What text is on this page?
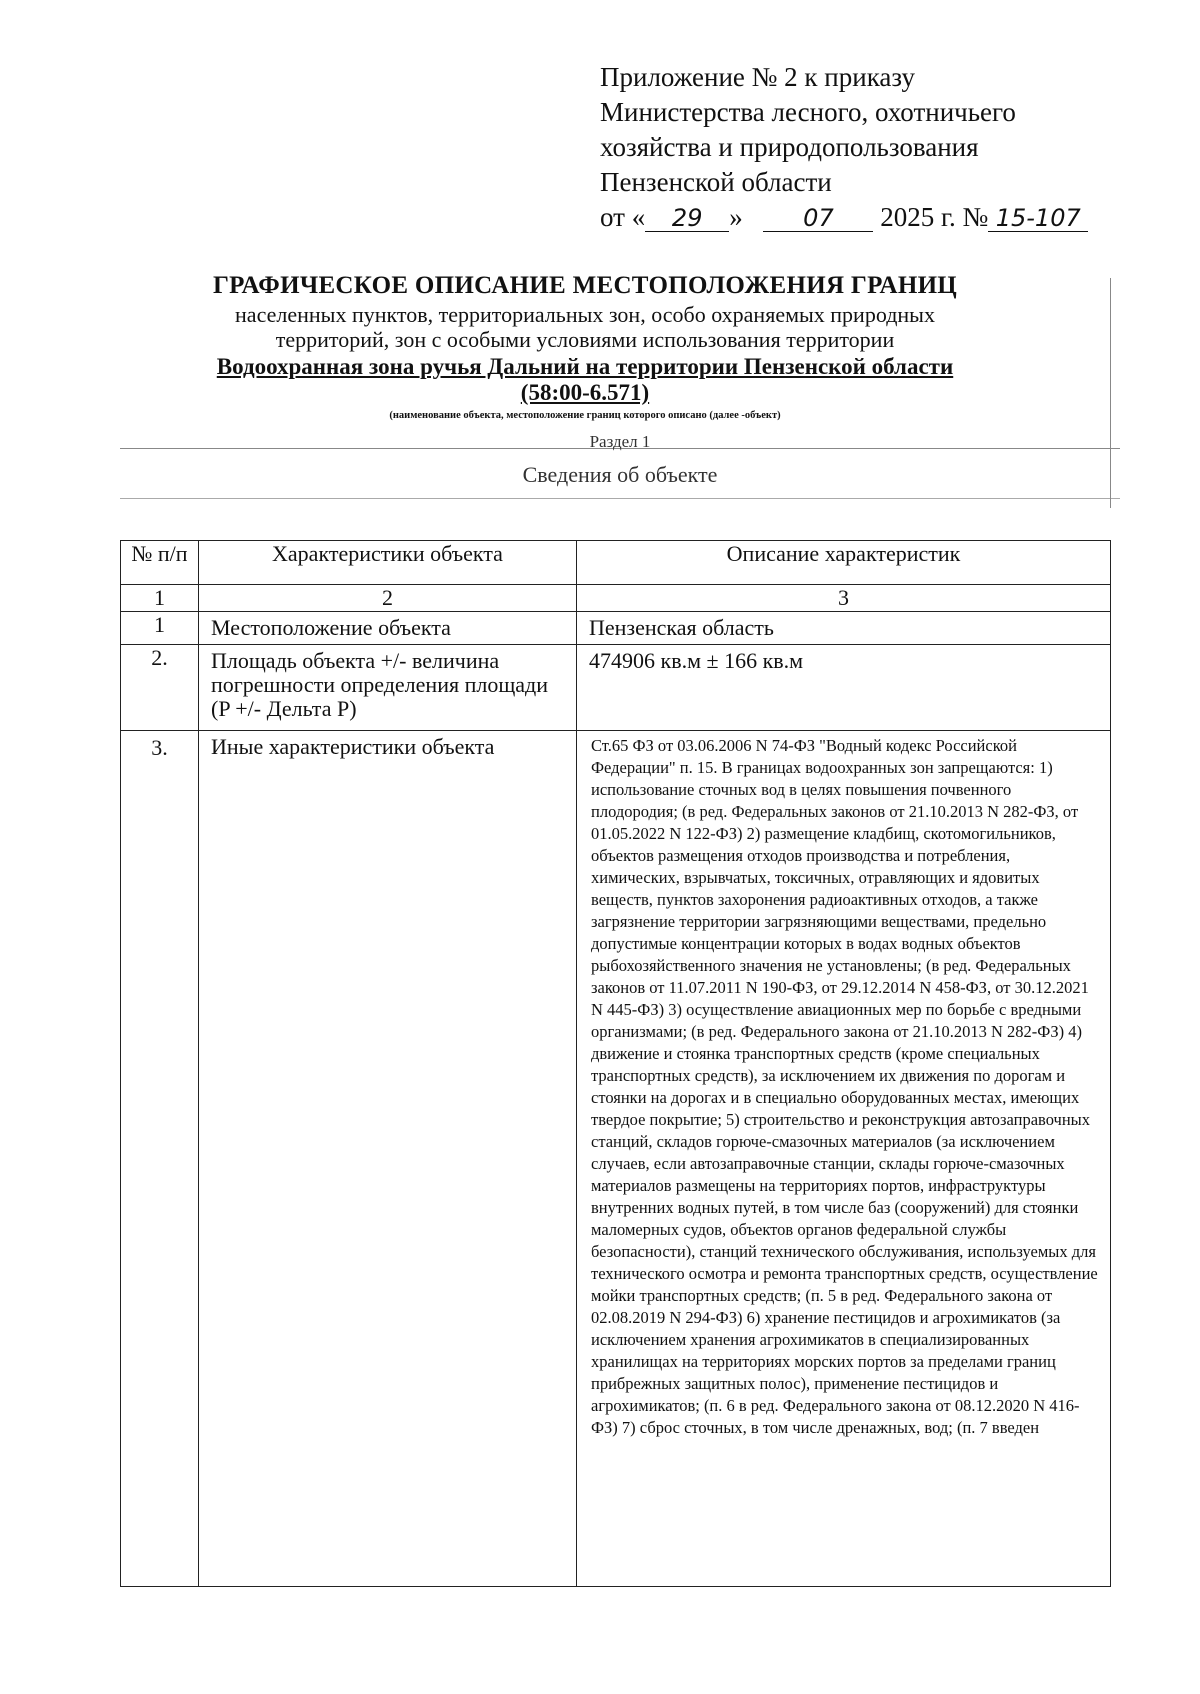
Приложение № 2 к приказу
Министерства лесного, охотничьего
хозяйства и природопользования
Пензенской области
от « 29 »	07 2025 г. № 15-107
ГРАФИЧЕСКОЕ ОПИСАНИЕ МЕСТОПОЛОЖЕНИЯ ГРАНИЦ
населенных пунктов, территориальных зон, особо охраняемых природных
территорий, зон с особыми условиями использования территории
Водоохранная зона ручья Дальний на территории Пензенской области
(58:00-6.571)
(наименование объекта, местоположение границ которого описано (далее -объект)
Раздел 1
Сведения об объекте
№ п/п	Характеристики объекта	Описание характеристик
1	2	3
1	Местоположение объекта	Пензенская область
2.	Площадь объекта +/- величина погрешности определения площади (P +/- Дельта P)	474906 кв.м ± 166 кв.м
3.	Иные характеристики объекта	Ст.65 ФЗ от 03.06.2006 N 74-ФЗ "Водный кодекс Российской Федерации" п. 15. В границах водоохранных зон запрещаются: 1) использование сточных вод в целях повышения почвенного плодородия; (в ред. Федеральных законов от 21.10.2013 N 282-ФЗ, от 01.05.2022 N 122-ФЗ) 2) размещение кладбищ, скотомогильников, объектов размещения отходов производства и потребления, химических, взрывчатых, токсичных, отравляющих и ядовитых веществ, пунктов захоронения радиоактивных отходов, а также загрязнение территории загрязняющими веществами, предельно допустимые концентрации которых в водах водных объектов рыбохозяйственного значения не установлены; (в ред. Федеральных законов от 11.07.2011 N 190-ФЗ, от 29.12.2014 N 458-ФЗ, от 30.12.2021 N 445-ФЗ) 3) осуществление авиационных мер по борьбе с вредными организмами; (в ред. Федерального закона от 21.10.2013 N 282-ФЗ) 4) движение и стоянка транспортных средств (кроме специальных транспортных средств), за исключением их движения по дорогам и стоянки на дорогах и в специально оборудованных местах, имеющих твердое покрытие; 5) строительство и реконструкция автозаправочных станций, складов горюче-смазочных материалов (за исключением случаев, если автозаправочные станции, склады горюче-смазочных материалов размещены на территориях портов, инфраструктуры внутренних водных путей, в том числе баз (сооружений) для стоянки маломерных судов, объектов органов федеральной службы безопасности), станций технического обслуживания, используемых для технического осмотра и ремонта транспортных средств, осуществление мойки транспортных средств; (п. 5 в ред. Федерального закона от 02.08.2019 N 294-ФЗ) 6) хранение пестицидов и агрохимикатов (за исключением хранения агрохимикатов в специализированных хранилищах на территориях морских портов за пределами границ прибрежных защитных полос), применение пестицидов и агрохимикатов; (п. 6 в ред. Федерального закона от 08.12.2020 N 416-ФЗ) 7) сброс сточных, в том числе дренажных, вод; (п. 7 введен
